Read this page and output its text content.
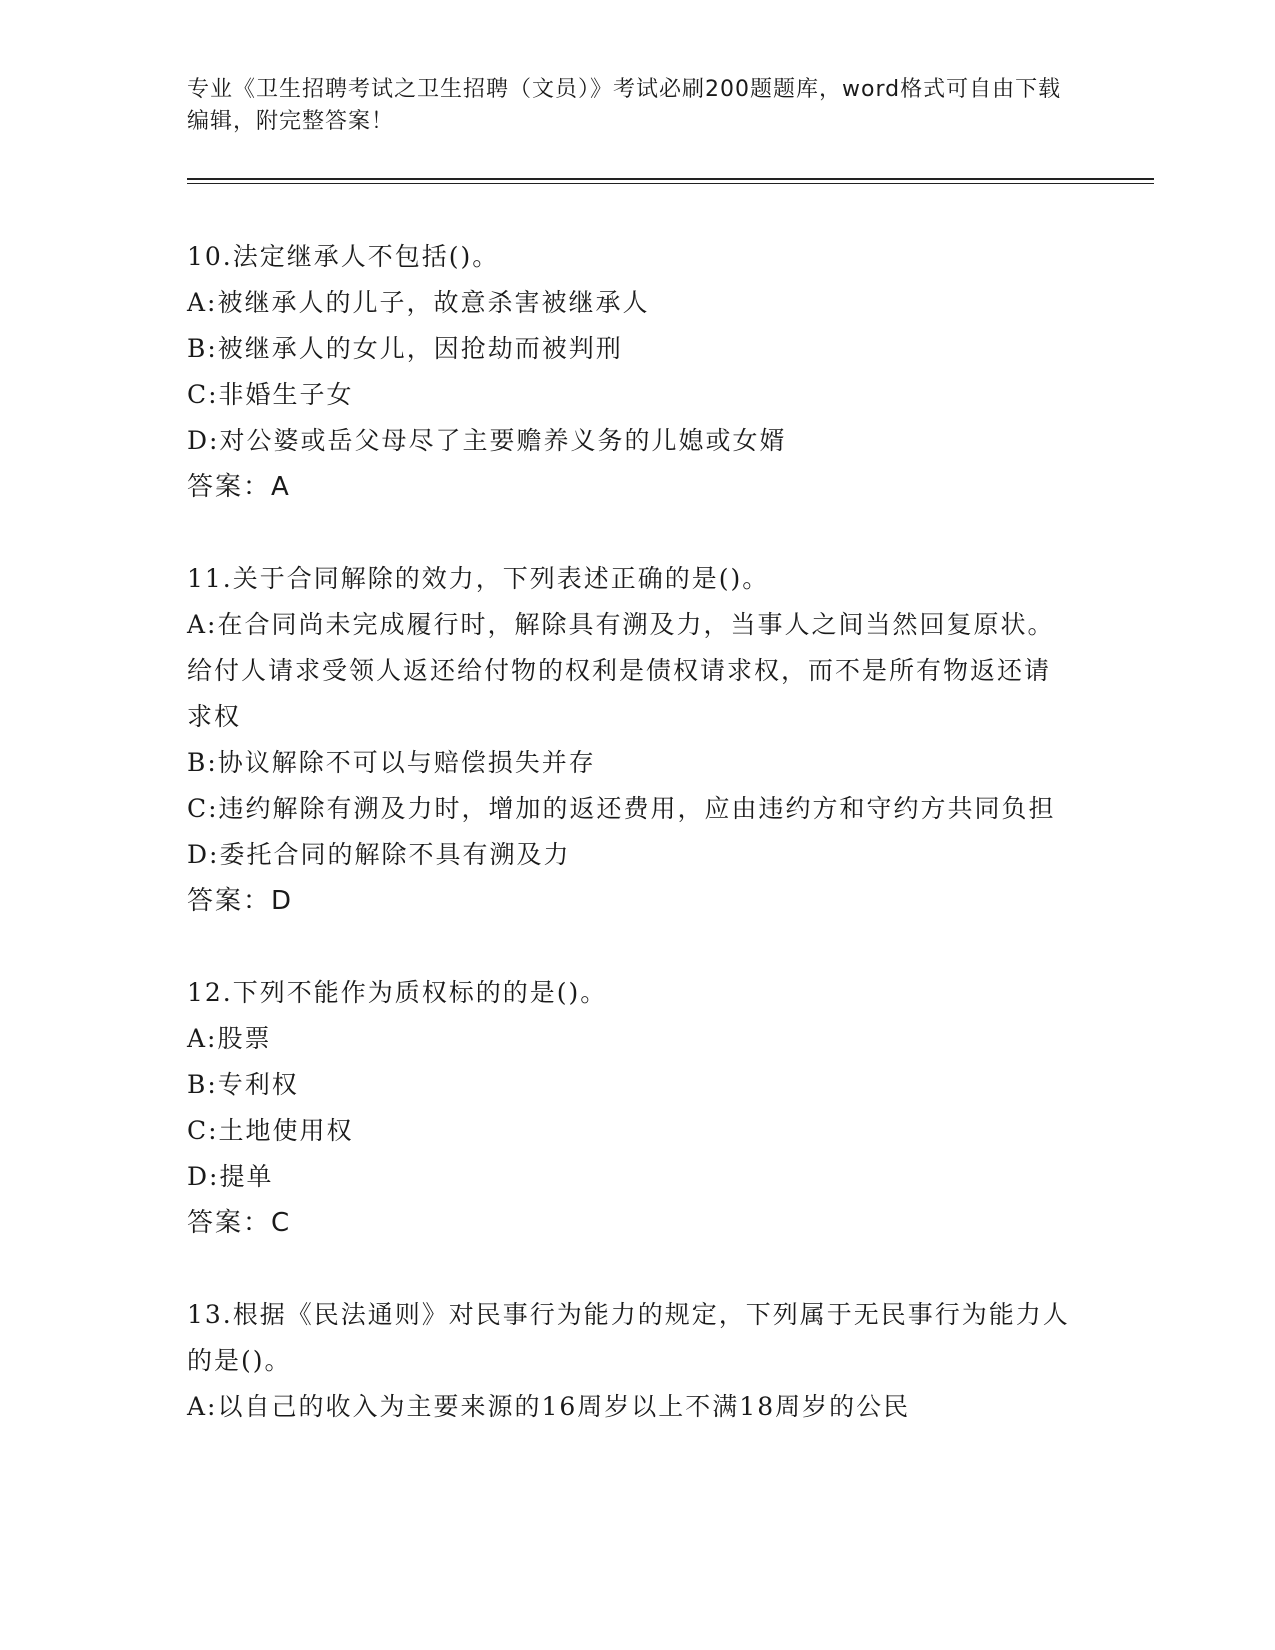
专业《卫生招聘考试之卫生招聘（文员）》考试必刷200题题库，word格式可自由下载编辑，附完整答案！

10.法定继承人不包括()。

A:被继承人的儿子，故意杀害被继承人

B:被继承人的女儿，因抢劫而被判刑

C:非婚生子女

D:对公婆或岳父母尽了主要赡养义务的儿媳或女婿

答案：A

11.关于合同解除的效力，下列表述正确的是()。

A:在合同尚未完成履行时，解除具有溯及力，当事人之间当然回复原状。给付人请求受领人返还给付物的权利是债权请求权，而不是所有物返还请求权

B:协议解除不可以与赔偿损失并存

C:违约解除有溯及力时，增加的返还费用，应由违约方和守约方共同负担

D:委托合同的解除不具有溯及力

答案：D

12.下列不能作为质权标的的是()。

A:股票

B:专利权

C:土地使用权

D:提单

答案：C

13.根据《民法通则》对民事行为能力的规定，下列属于无民事行为能力人的是()。

A:以自己的收入为主要来源的16周岁以上不满18周岁的公民
